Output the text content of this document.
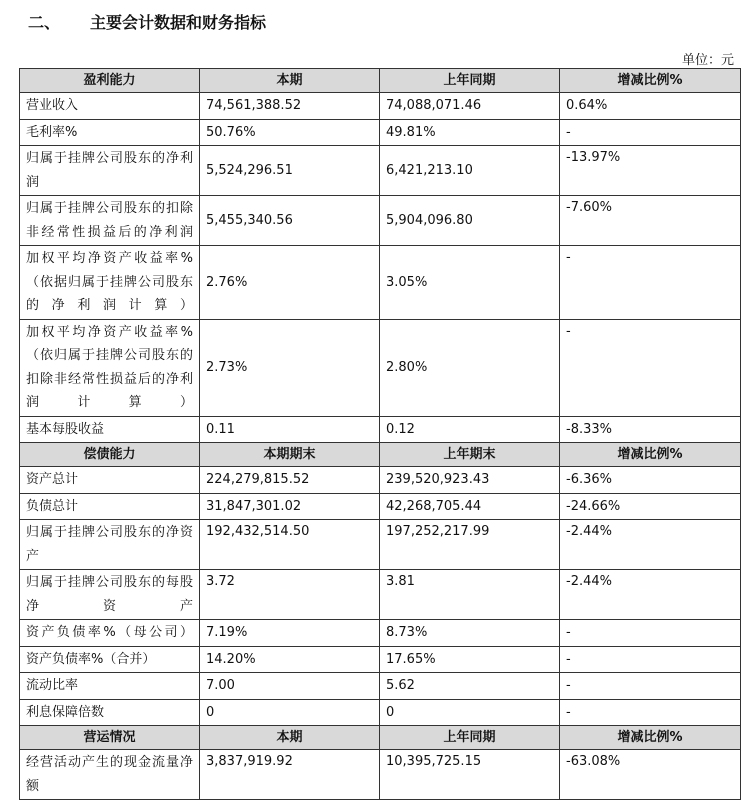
二、 主要会计数据和财务指标
单位：元
盈利能力	本期	上年同期	增减比例%
营业收入	74,561,388.52	74,088,071.46	0.64%
毛利率%	50.76%	49.81%	-
归属于挂牌公司股东的净利润	5,524,296.51	6,421,213.10	-13.97%
归属于挂牌公司股东的扣除非经常性损益后的净利润	5,455,340.56	5,904,096.80	-7.60%
加权平均净资产收益率%（依据归属于挂牌公司股东的净利润计算）	2.76%	3.05%	-
加权平均净资产收益率%（依归属于挂牌公司股东的扣除非经常性损益后的净利润计算）	2.73%	2.80%	-
基本每股收益	0.11	0.12	-8.33%
偿债能力	本期期末	上年期末	增减比例%
资产总计	224,279,815.52	239,520,923.43	-6.36%
负债总计	31,847,301.02	42,268,705.44	-24.66%
归属于挂牌公司股东的净资产	192,432,514.50	197,252,217.99	-2.44%
归属于挂牌公司股东的每股净资产	3.72	3.81	-2.44%
资产负债率%（母公司）	7.19%	8.73%	-
资产负债率%（合并）	14.20%	17.65%	-
流动比率	7.00	5.62	-
利息保障倍数	0	0	-
营运情况	本期	上年同期	增减比例%
经营活动产生的现金流量净额	3,837,919.92	10,395,725.15	-63.08%
